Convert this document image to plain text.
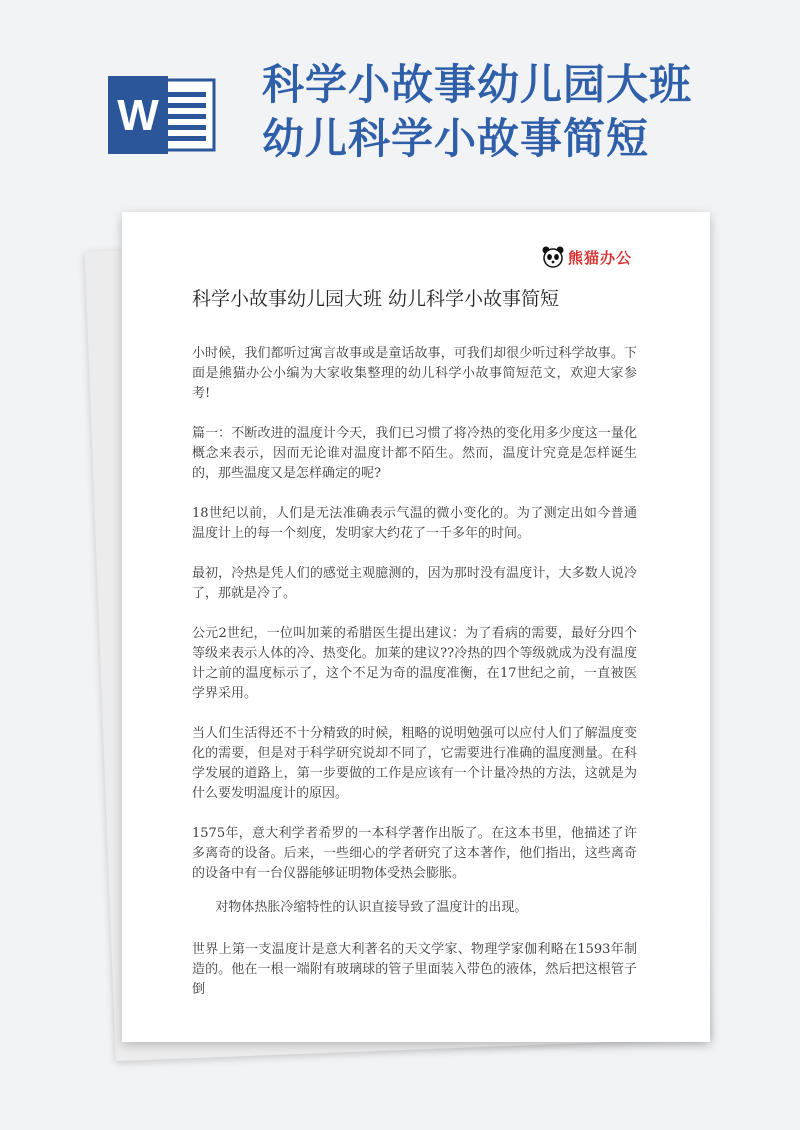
W
科学小故事幼儿园大班
幼儿科学小故事简短
熊猫办公
科学小故事幼儿园大班 幼儿科学小故事简短

小时候，我们都听过寓言故事或是童话故事，可我们却很少听过科学故事。下面是熊猫办公小编为大家收集整理的幼儿科学小故事简短范文，欢迎大家参考!

篇一：不断改进的温度计今天，我们已习惯了将冷热的变化用多少度这一量化概念来表示，因而无论谁对温度计都不陌生。然而，温度计究竟是怎样诞生的，那些温度又是怎样确定的呢?

18世纪以前，人们是无法准确表示气温的微小变化的。为了测定出如今普通温度计上的每一个刻度，发明家大约花了一千多年的时间。

最初，冷热是凭人们的感觉主观臆测的，因为那时没有温度计，大多数人说冷了，那就是冷了。

公元2世纪，一位叫加莱的希腊医生提出建议：为了看病的需要，最好分四个等级来表示人体的冷、热变化。加莱的建议??冷热的四个等级就成为没有温度计之前的温度标示了，这个不足为奇的温度准衡，在17世纪之前，一直被医学界采用。

当人们生活得还不十分精致的时候，粗略的说明勉强可以应付人们了解温度变化的需要，但是对于科学研究说却不同了，它需要进行准确的温度测量。在科学发展的道路上，第一步要做的工作是应该有一个计量冷热的方法，这就是为什么要发明温度计的原因。

1575年，意大利学者希罗的一本科学著作出版了。在这本书里，他描述了许多离奇的设备。后来，一些细心的学者研究了这本著作，他们指出，这些离奇的设备中有一台仪器能够证明物体受热会膨胀。

对物体热胀冷缩特性的认识直接导致了温度计的出现。

世界上第一支温度计是意大利著名的天文学家、物理学家伽利略在1593年制造的。他在一根一端附有玻璃球的管子里面装入带色的液体，然后把这根管子倒
